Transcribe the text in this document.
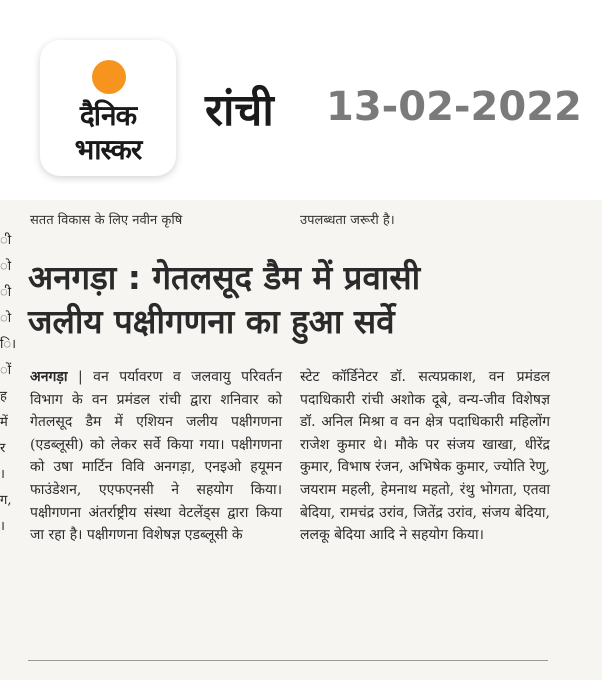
दैनिक
भास्कर
रांची 13-02-2022
ी
ो
ी
ो
ि।
ों
ह
में
र
।
ग,
।
सतत विकास के लिए नवीन कृषि	उपलब्धता जरूरी है।
अनगड़ा : गेतलसूद डैम में प्रवासी
जलीय पक्षीगणना का हुआ सर्वे
अनगड़ा | वन पर्यावरण व जलवायु परिवर्तन विभाग के वन प्रमंडल रांची द्वारा शनिवार को गेतलसूद डैम में एशियन जलीय पक्षीगणना (एडब्लूसी) को लेकर सर्वे किया गया। पक्षीगणना को उषा मार्टिन विवि अनगड़ा, एनइओ हयूमन फाउंडेशन, एएफएनसी ने सहयोग किया। पक्षीगणना अंतर्राष्ट्रीय संस्था वेटलेंड्स द्वारा किया जा रहा है। पक्षीगणना विशेषज्ञ एडब्लूसी के
स्टेट कॉर्डिनेटर डॉ. सत्यप्रकाश, वन प्रमंडल पदाधिकारी रांची अशोक दूबे, वन्य-जीव विशेषज्ञ डॉ. अनिल मिश्रा व वन क्षेत्र पदाधिकारी महिलोंग राजेश कुमार थे। मौके पर संजय खाखा, धीरेंद्र कुमार, विभाष रंजन, अभिषेक कुमार, ज्योति रेणु, जयराम महली, हेमनाथ महतो, रंथु भोगता, एतवा बेदिया, रामचंद्र उरांव, जितेंद्र उरांव, संजय बेदिया, ललकू बेदिया आदि ने सहयोग किया।
